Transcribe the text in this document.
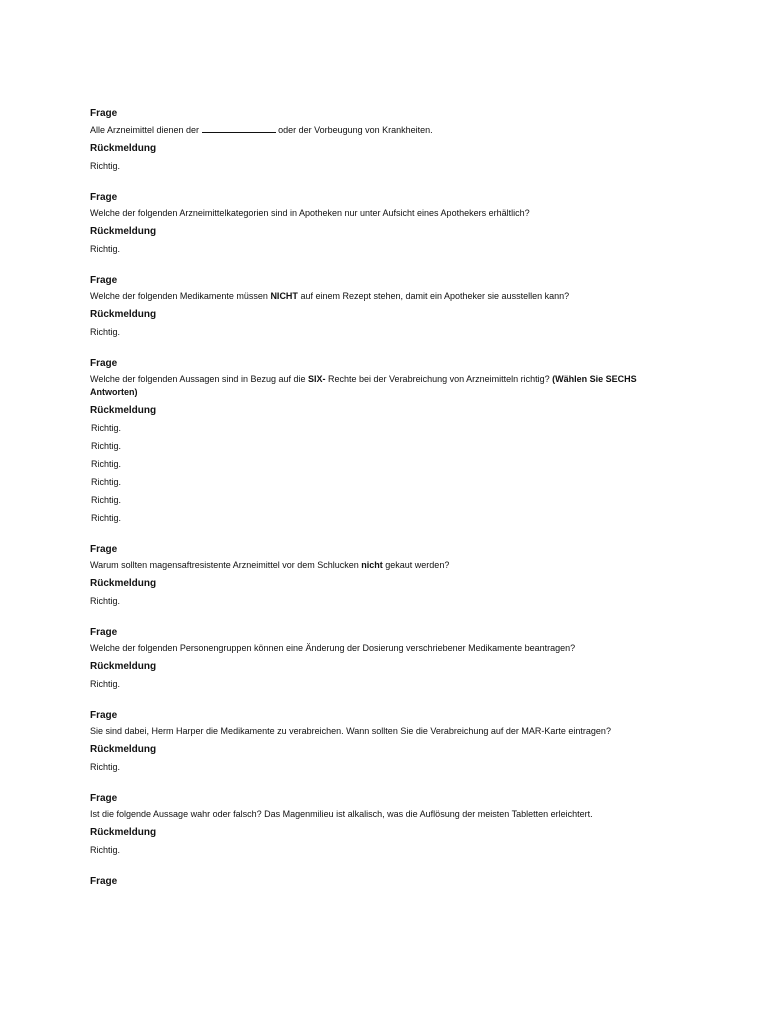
Frage
Alle Arzneimittel dienen der	oder der Vorbeugung von Krankheiten.
Rückmeldung
Richtig.
Frage
Welche der folgenden Arzneimittelkategorien sind in Apotheken nur unter Aufsicht eines Apothekers erhältlich?
Rückmeldung
Richtig.
Frage
Welche der folgenden Medikamente müssen NICHT auf einem Rezept stehen, damit ein Apotheker sie ausstellen kann?
Rückmeldung
Richtig.
Frage
Welche der folgenden Aussagen sind in Bezug auf die SIX- Rechte bei der Verabreichung von Arzneimitteln richtig? (Wählen Sie SECHS Antworten)
Rückmeldung
Richtig.
Richtig.
Richtig.
Richtig.
Richtig.
Richtig.
Frage
Warum sollten magensaftresistente Arzneimittel vor dem Schlucken nicht gekaut werden?
Rückmeldung
Richtig.
Frage
Welche der folgenden Personengruppen können eine Änderung der Dosierung verschriebener Medikamente beantragen?
Rückmeldung
Richtig.
Frage
Sie sind dabei, Herm Harper die Medikamente zu verabreichen. Wann sollten Sie die Verabreichung auf der MAR-Karte eintragen?
Rückmeldung
Richtig.
Frage
Ist die folgende Aussage wahr oder falsch? Das Magenmilieu ist alkalisch, was die Auflösung der meisten Tabletten erleichtert.
Rückmeldung
Richtig.
Frage
